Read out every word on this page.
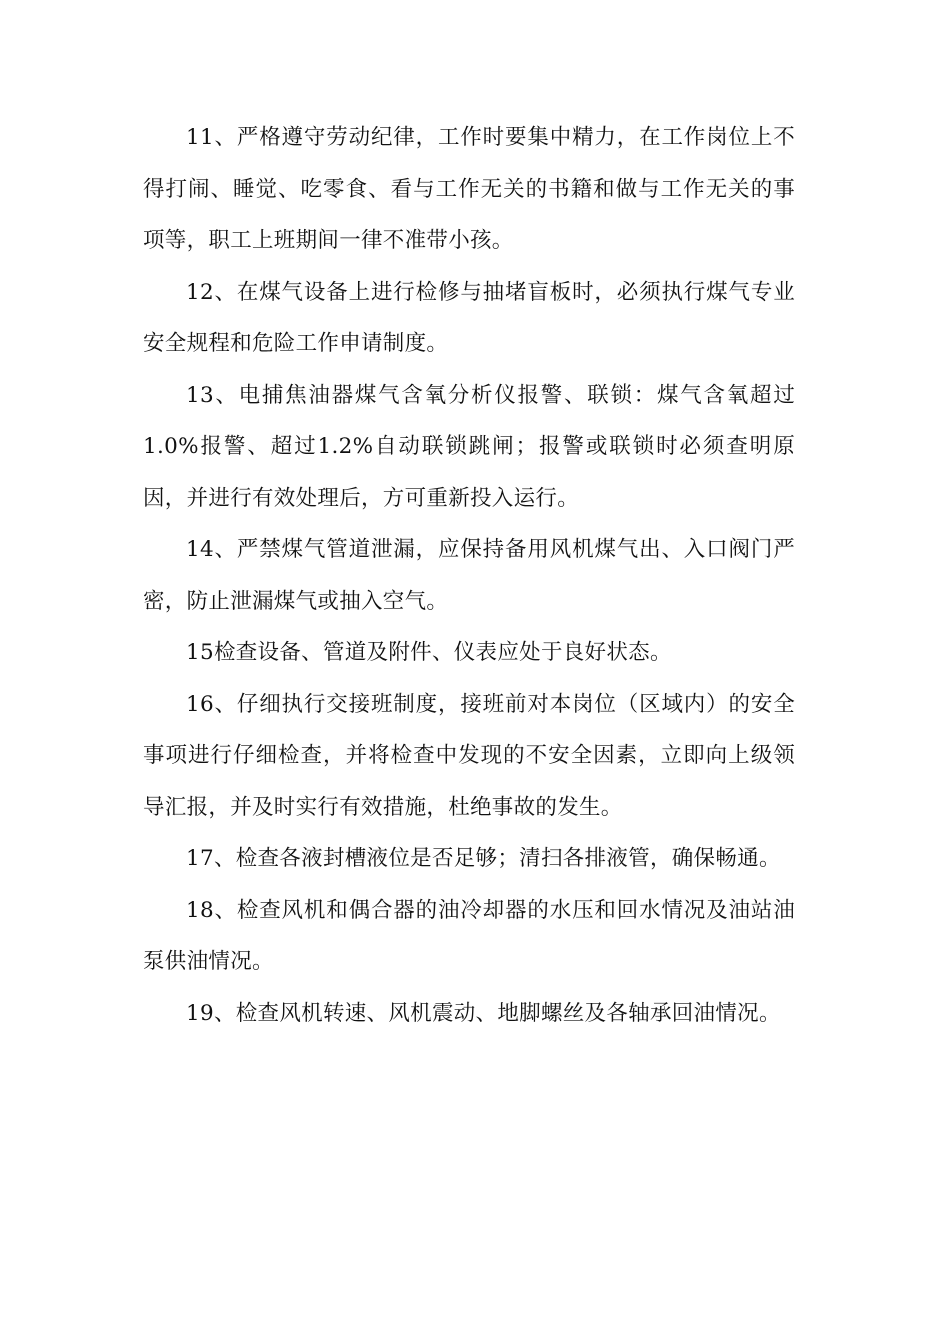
11、严格遵守劳动纪律，工作时要集中精力，在工作岗位上不得打闹、睡觉、吃零食、看与工作无关的书籍和做与工作无关的事项等，职工上班期间一律不准带小孩。

12、在煤气设备上进行检修与抽堵盲板时，必须执行煤气专业安全规程和危险工作申请制度。

13、电捕焦油器煤气含氧分析仪报警、联锁：煤气含氧超过1.0%报警、超过1.2%自动联锁跳闸；报警或联锁时必须查明原因，并进行有效处理后，方可重新投入运行。

14、严禁煤气管道泄漏，应保持备用风机煤气出、入口阀门严密，防止泄漏煤气或抽入空气。

15检查设备、管道及附件、仪表应处于良好状态。

16、仔细执行交接班制度，接班前对本岗位（区域内）的安全事项进行仔细检查，并将检查中发现的不安全因素，立即向上级领导汇报，并及时实行有效措施，杜绝事故的发生。

17、检查各液封槽液位是否足够；清扫各排液管，确保畅通。

18、检查风机和偶合器的油冷却器的水压和回水情况及油站油泵供油情况。

19、检查风机转速、风机震动、地脚螺丝及各轴承回油情况。
